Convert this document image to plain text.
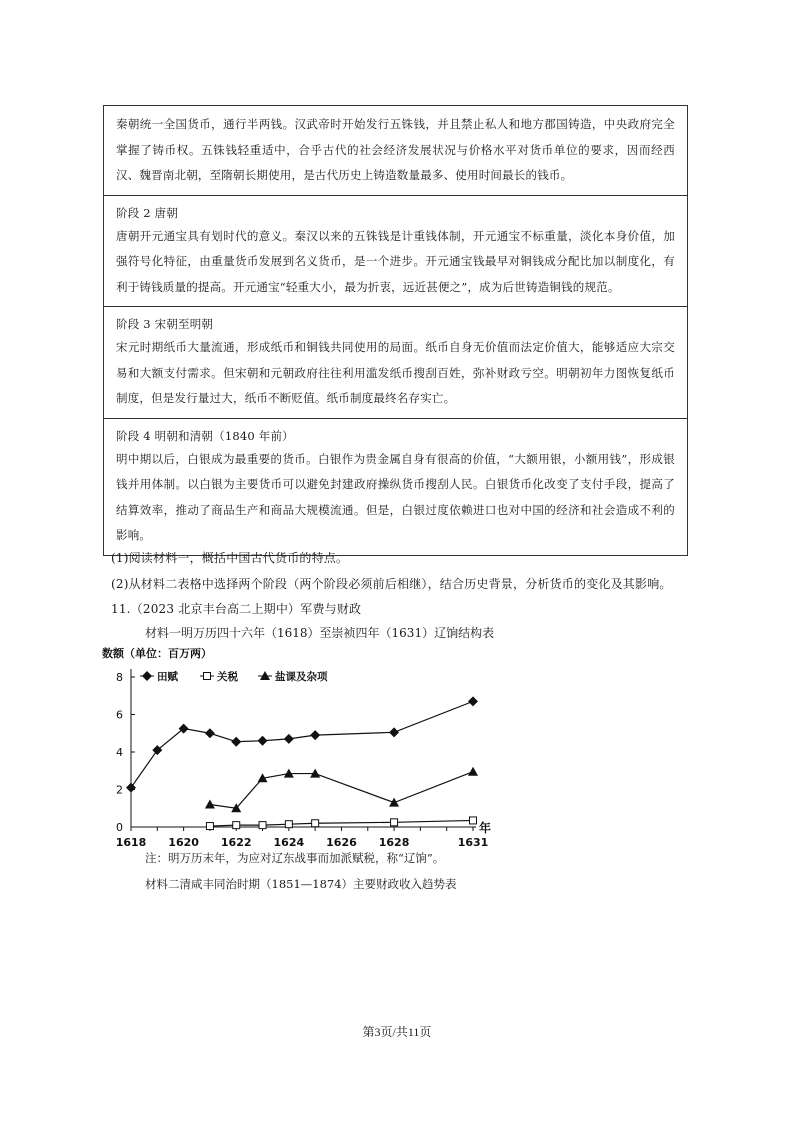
秦朝统一全国货币，通行半两钱。汉武帝时开始发行五铢钱，并且禁止私人和地方郡国铸造，中央政府完全掌握了铸币权。五铢钱轻重适中，合乎古代的社会经济发展状况与价格水平对货币单位的要求，因而经西汉、魏晋南北朝，至隋朝长期使用，是古代历史上铸造数量最多、使用时间最长的钱币。

阶段 2 唐朝

唐朝开元通宝具有划时代的意义。秦汉以来的五铢钱是计重钱体制，开元通宝不标重量，淡化本身价值，加强符号化特征，由重量货币发展到名义货币，是一个进步。开元通宝钱最早对铜钱成分配比加以制度化，有利于铸钱质量的提高。开元通宝“轻重大小，最为折衷，远近甚便之”，成为后世铸造铜钱的规范。

阶段 3 宋朝至明朝

宋元时期纸币大量流通，形成纸币和铜钱共同使用的局面。纸币自身无价值而法定价值大，能够适应大宗交易和大额支付需求。但宋朝和元朝政府往往利用滥发纸币搜刮百姓，弥补财政亏空。明朝初年力图恢复纸币制度，但是发行量过大，纸币不断贬值。纸币制度最终名存实亡。

阶段 4 明朝和清朝（1840 年前）

明中期以后，白银成为最重要的货币。白银作为贵金属自身有很高的价值，“大额用银，小额用钱”，形成银钱并用体制。以白银为主要货币可以避免封建政府操纵货币搜刮人民。白银货币化改变了支付手段，提高了结算效率，推动了商品生产和商品大规模流通。但是，白银过度依赖进口也对中国的经济和社会造成不利的影响。

(1)阅读材料一，概括中国古代货币的特点。
(2)从材料二表格中选择两个阶段（两个阶段必须前后相继），结合历史背景，分析货币的变化及其影响。
11.（2023 北京丰台高二上期中）军费与财政
材料一明万历四十六年（1618）至崇祯四年（1631）辽饷结构表
数额（单位：百万两）
0
2
4
6
8
1618 1620 1622 1624 1626 1628	1631
年
田赋	关税	盐课及杂项
注：明万历末年，为应对辽东战事而加派赋税，称“辽饷”。
材料二清咸丰同治时期（1851—1874）主要财政收入趋势表
第3页/共11页
